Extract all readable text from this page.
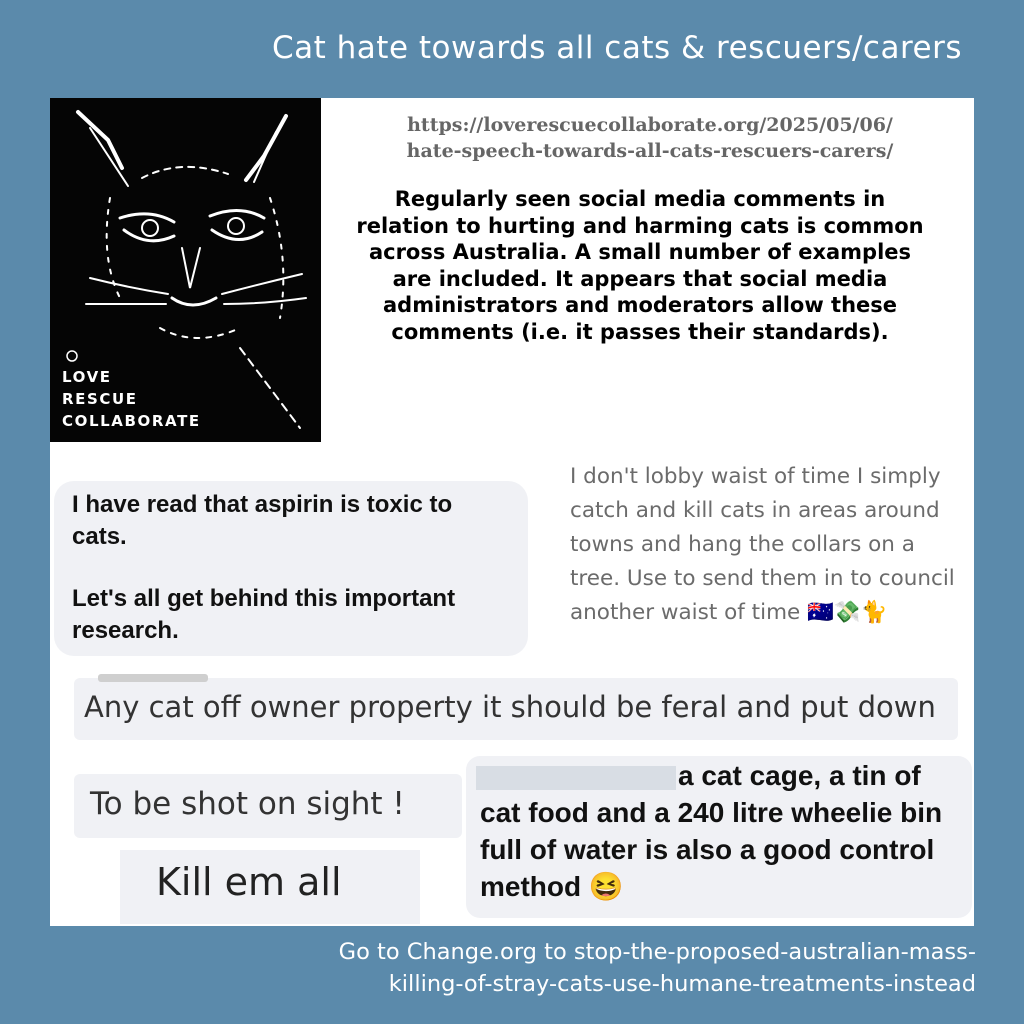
Cat hate towards all cats & rescuers/carers
LOVE
RESCUE
COLLABORATE
https://loverescuecollaborate.org/2025/05/06/
hate-speech-towards-all-cats-rescuers-carers/
Regularly seen social media comments in relation to hurting and harming cats is common across Australia. A small number of examples are included. It appears that social media administrators and moderators allow these comments (i.e. it passes their standards).

I have read that aspirin is toxic to cats.

Let's all get behind this important research.

I don't lobby waist of time I simply catch and kill cats in areas around towns and hang the collars on a tree. Use to send them in to council another waist of time 🇦🇺💸🐈
Any cat off owner property it should be feral and put down
To be shot on sight !
Kill em all
a cat cage, a tin of
cat food and a 240 litre wheelie bin full of water is also a good control method 😆
Go to Change.org to stop-the-proposed-australian-mass-
killing-of-stray-cats-use-humane-treatments-instead
